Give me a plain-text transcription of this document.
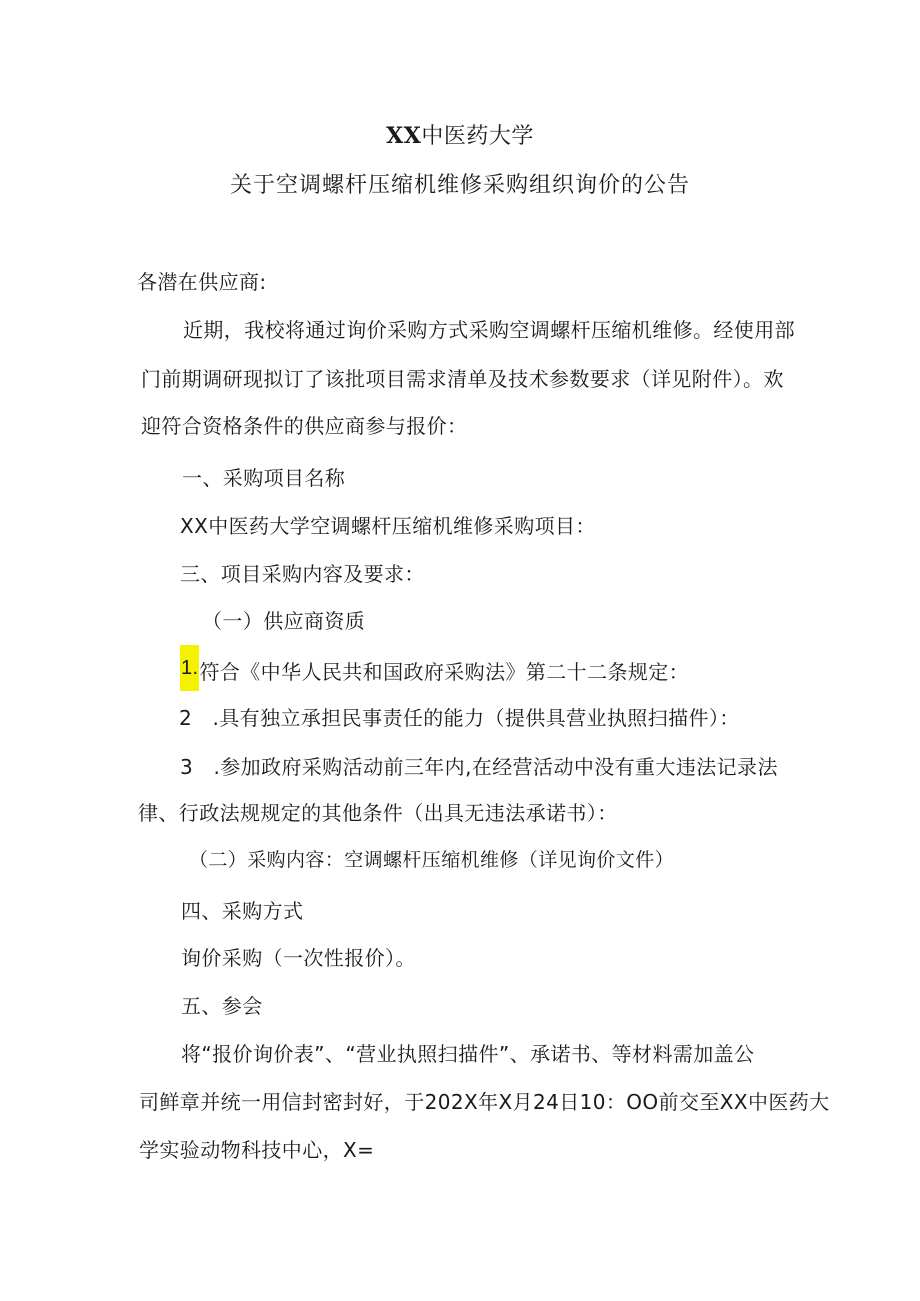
XX中医药大学
关于空调螺杆压缩机维修采购组织询价的公告
各潜在供应商:
近期，我校将通过询价采购方式采购空调螺杆压缩机维修。经使用部
门前期调研现拟订了该批项目需求清单及技术参数要求（详见附件）。欢
迎符合资格条件的供应商参与报价：
一、采购项目名称
XX中医药大学空调螺杆压缩机维修采购项目：
三、项目采购内容及要求：
（一）供应商资质
1.符合《中华人民共和国政府采购法》第二十二条规定：
2　.具有独立承担民事责任的能力（提供具营业执照扫描件）：
3　.参加政府采购活动前三年内,在经营活动中没有重大违法记录法
律、行政法规规定的其他条件（出具无违法承诺书）：
（二）采购内容：空调螺杆压缩机维修（详见询价文件）
四、采购方式
询价采购（一次性报价）。
五、参会
将“报价询价表”、“营业执照扫描件”、承诺书、等材料需加盖公
司鲜章并统一用信封密封好，于202X年X月24日10：OO前交至XX中医药大
学实验动物科技中心，X=
